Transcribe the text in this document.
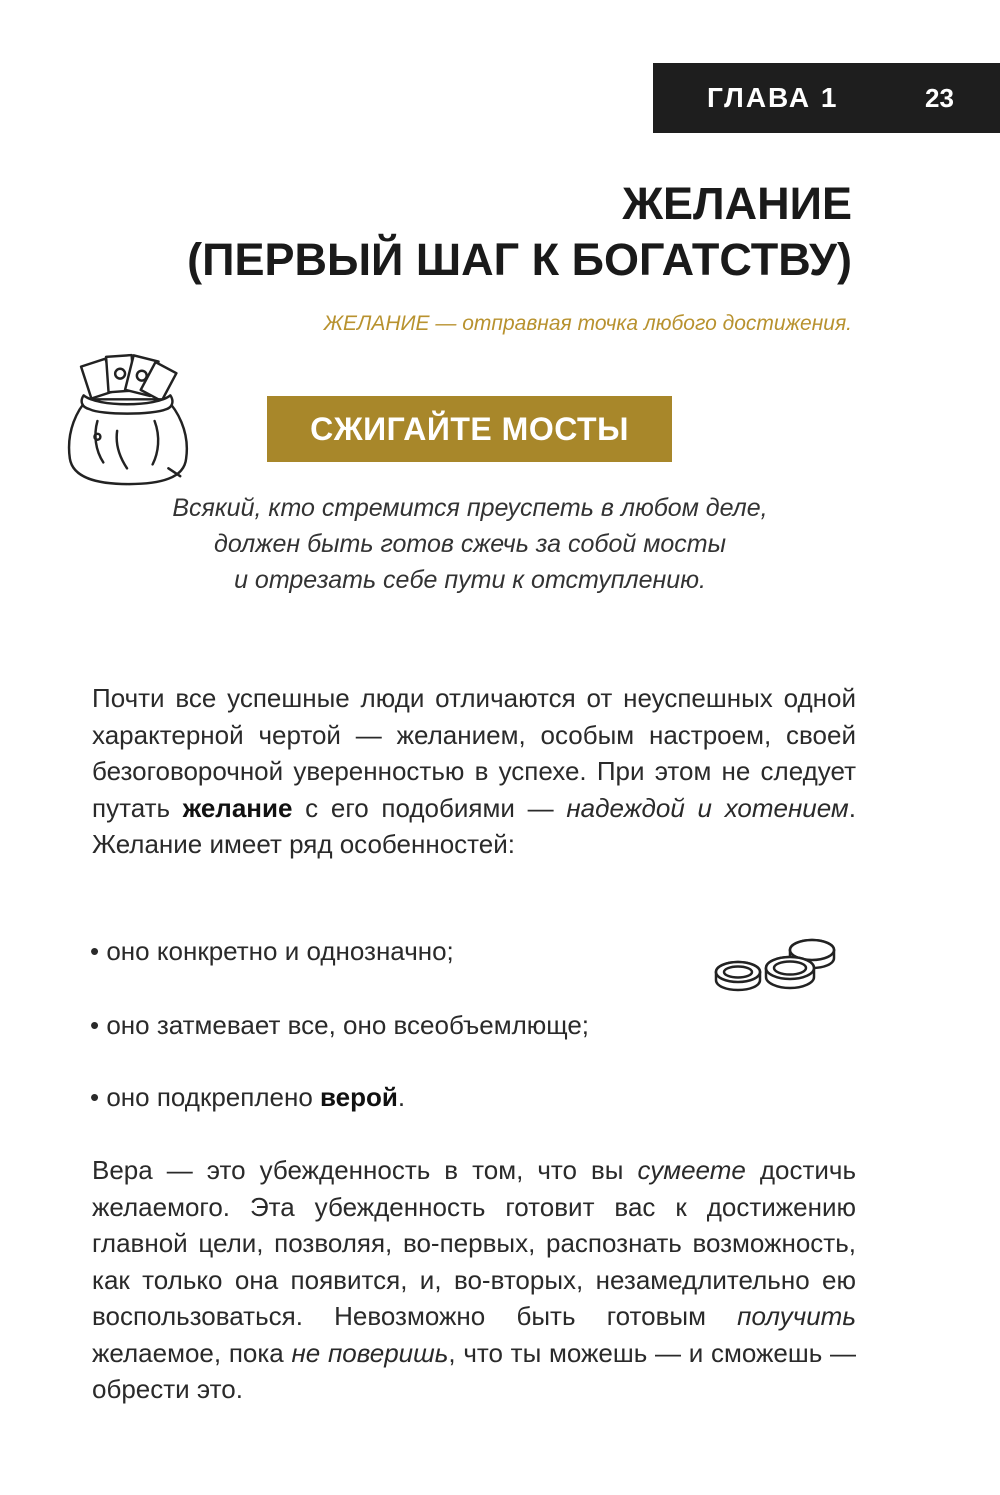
ГЛАВА 1	23
ЖЕЛАНИЕ
(ПЕРВЫЙ ШАГ К БОГАТСТВУ)
ЖЕЛАНИЕ — отправная точка любого достижения.
СЖИГАЙТЕ МОСТЫ
Всякий, кто стремится преуспеть в любом деле,
должен быть готов сжечь за собой мосты
и отрезать себе пути к отступлению.
Почти все успешные люди отличаются от неуспешных одной характерной чертой — желанием, особым настроем, своей безоговорочной уверенностью в успехе. При этом не следует путать желание с его подобиями — надеждой и хотением. Желание имеет ряд особенностей:
• оно конкретно и однозначно;
• оно затмевает все, оно всеобъемлюще;
• оно подкреплено верой.
Вера — это убежденность в том, что вы сумеете достичь желаемого. Эта убежденность готовит вас к достижению главной цели, позволяя, во-первых, распознать возможность, как только она появится, и, во-вторых, незамедлительно ею воспользоваться. Невозможно быть готовым получить желаемое, пока не поверишь, что ты можешь — и сможешь — обрести это.
